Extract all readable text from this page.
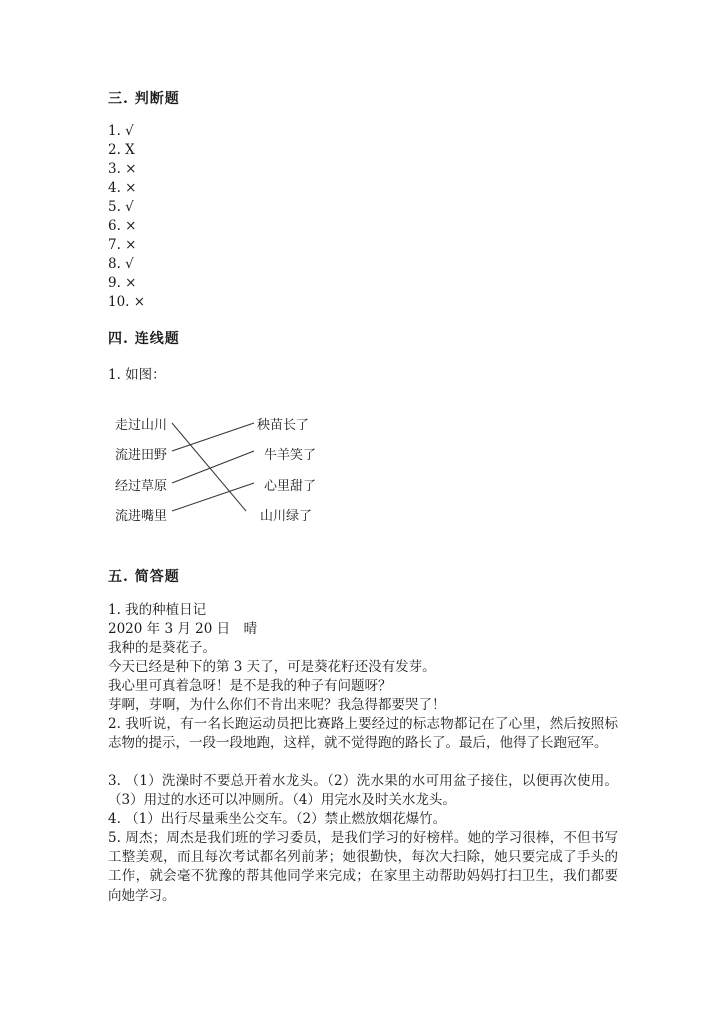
三. 判断题
1. √
2. X
3. ×
4. ×
5. √
6. ×
7. ×
8. √
9. ×
10. ×
四. 连线题
1. 如图：
走过山川
流进田野
经过草原
流进嘴里
秧苗长了
牛羊笑了
心里甜了
山川绿了
五. 简答题
1. 我的种植日记
2020 年 3 月 20 日　晴
我种的是葵花子。
今天已经是种下的第 3 天了，可是葵花籽还没有发芽。
我心里可真着急呀！是不是我的种子有问题呀？
芽啊，芽啊，为什么你们不肯出来呢？我急得都要哭了！
2. 我听说，有一名长跑运动员把比赛路上要经过的标志物都记在了心里，然后按照标志物的提示，一段一段地跑，这样，就不觉得跑的路长了。最后，他得了长跑冠军。
3. （1）洗澡时不要总开着水龙头。（2）洗水果的水可用盆子接住，以便再次使用。（3）用过的水还可以冲厕所。（4）用完水及时关水龙头。
4. （1）出行尽量乘坐公交车。（2）禁止燃放烟花爆竹。
5. 周杰；周杰是我们班的学习委员，是我们学习的好榜样。她的学习很棒，不但书写工整美观，而且每次考试都名列前茅；她很勤快，每次大扫除，她只要完成了手头的工作，就会毫不犹豫的帮其他同学来完成；在家里主动帮助妈妈打扫卫生，我们都要向她学习。
